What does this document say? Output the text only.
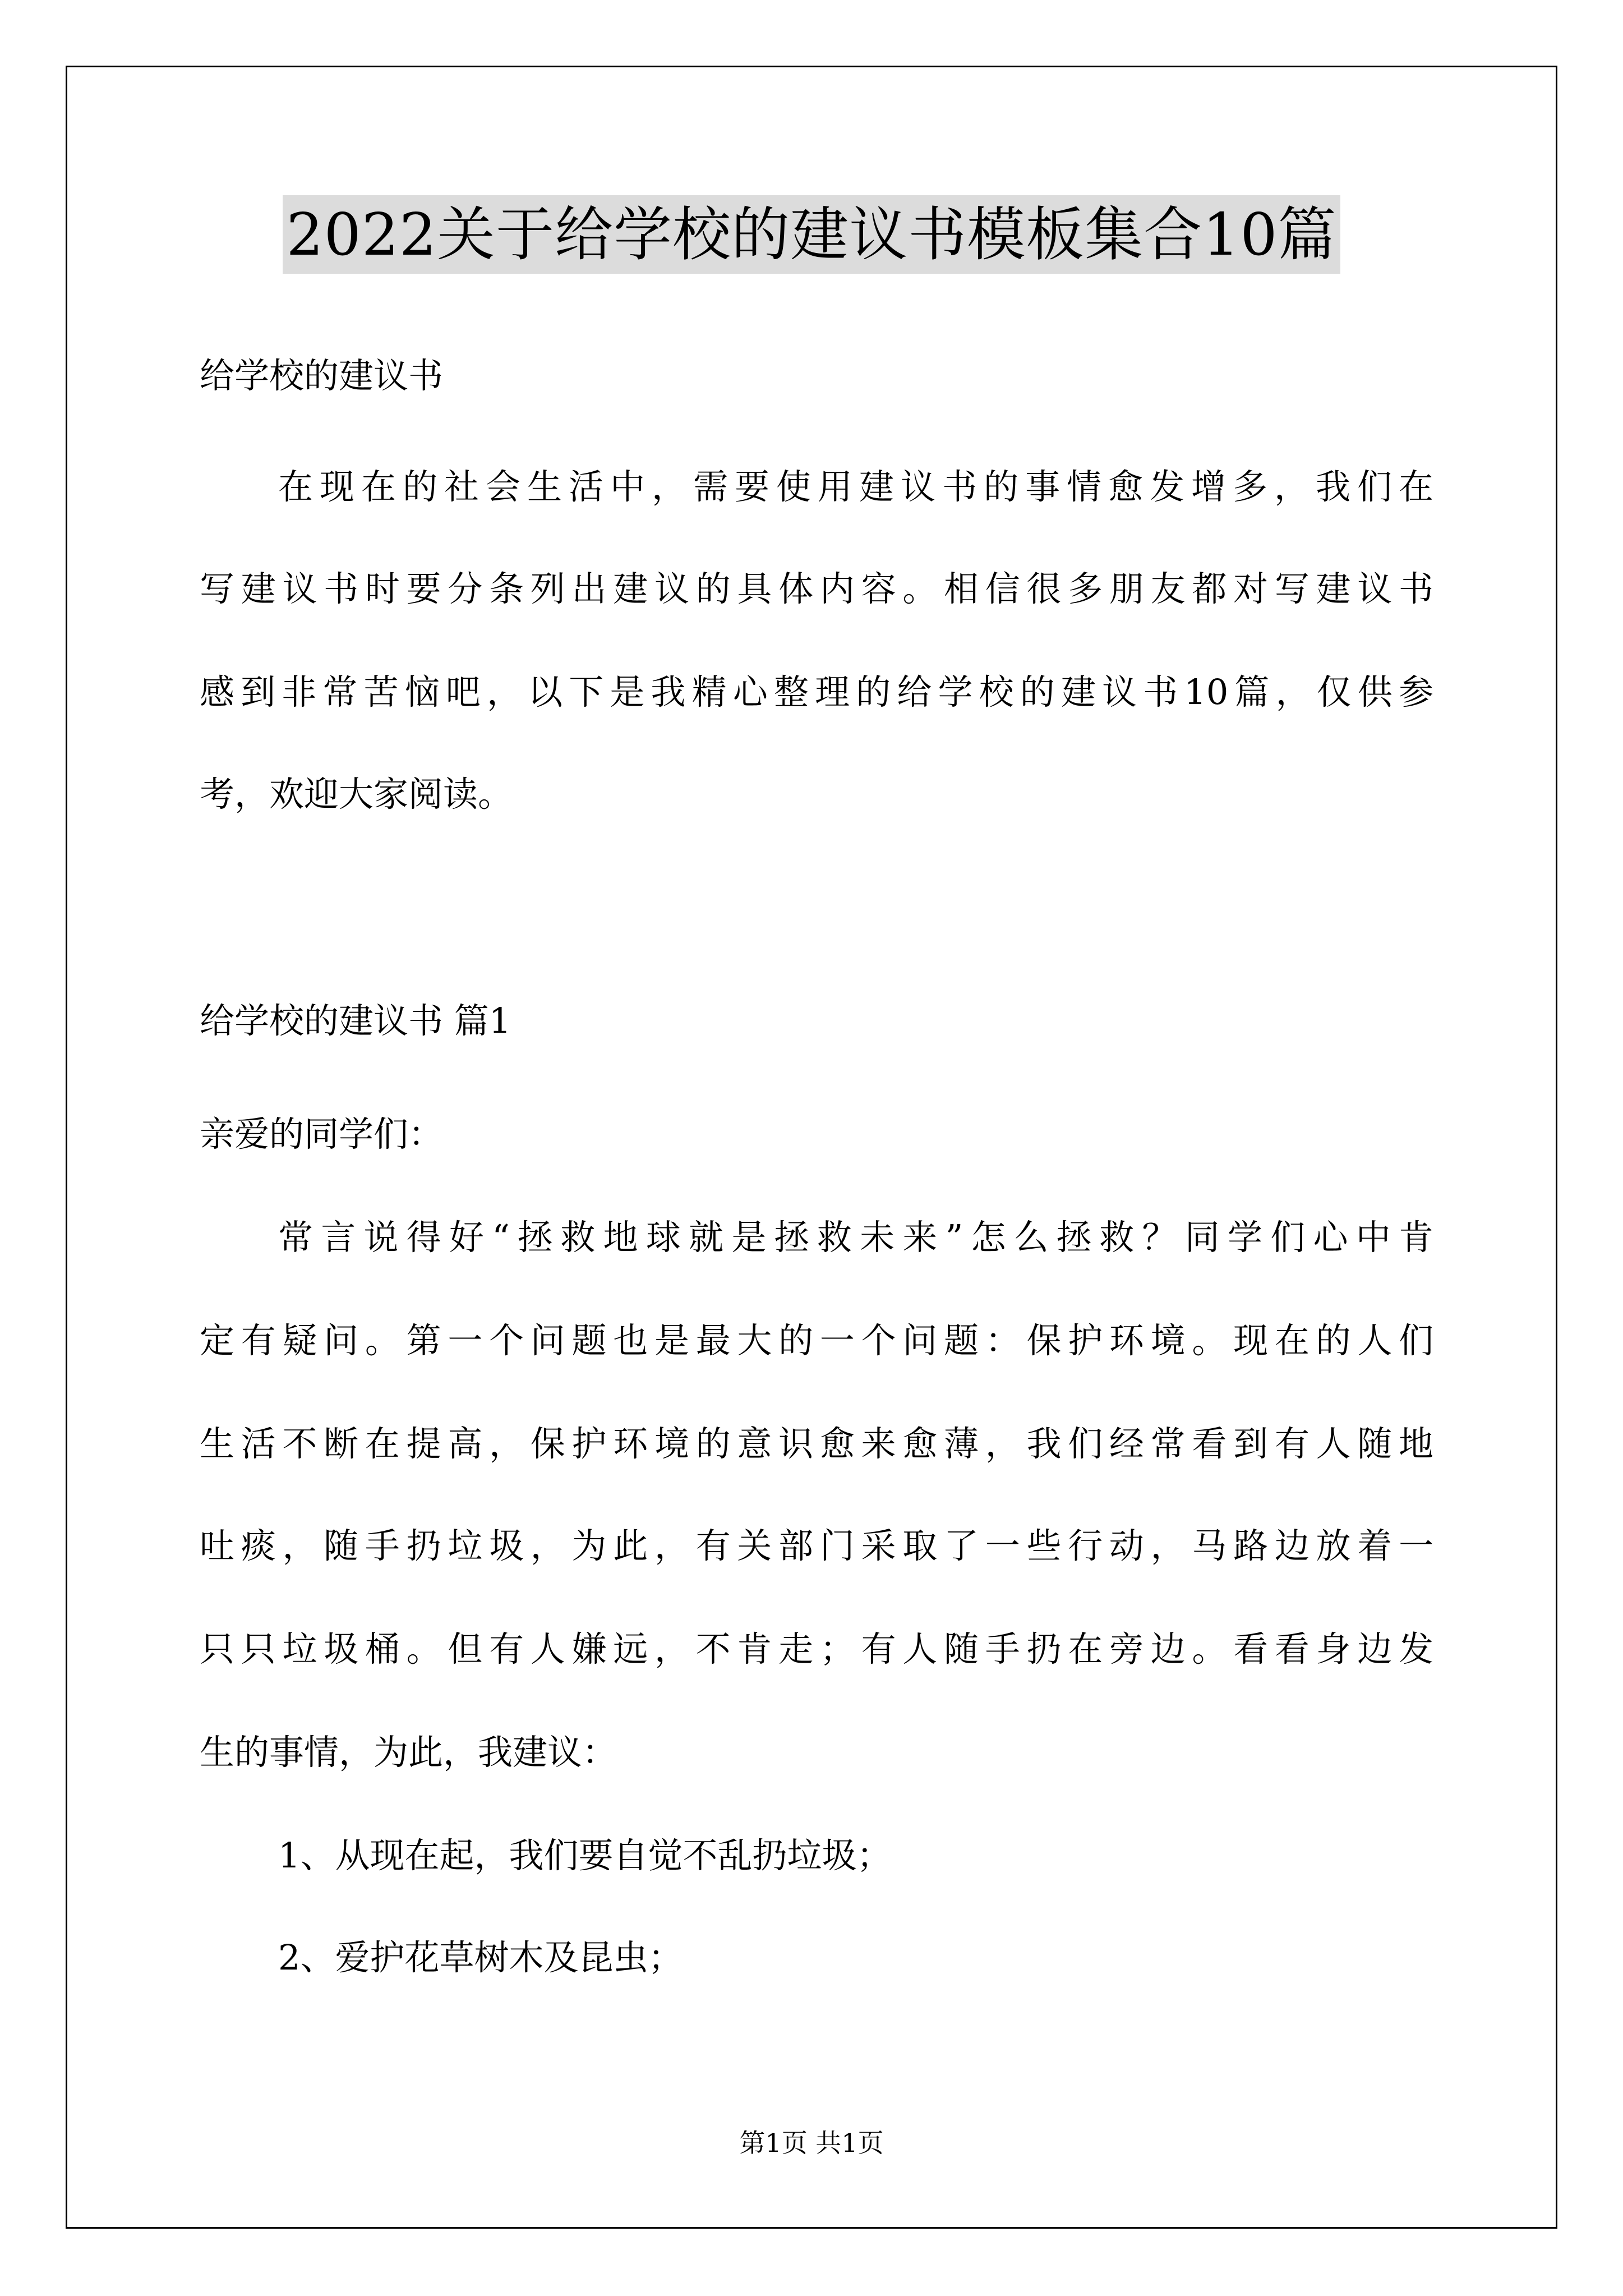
2022关于给学校的建议书模板集合10篇
给学校的建议书
在现在的社会生活中，需要使用建议书的事情愈发增多，我们在
写建议书时要分条列出建议的具体内容。相信很多朋友都对写建议书
感到非常苦恼吧，以下是我精心整理的给学校的建议书10篇，仅供参
考，欢迎大家阅读。
给学校的建议书 篇1
亲爱的同学们：
常言说得好“拯救地球就是拯救未来”怎么拯救？同学们心中肯
定有疑问。第一个问题也是最大的一个问题：保护环境。现在的人们
生活不断在提高，保护环境的意识愈来愈薄，我们经常看到有人随地
吐痰，随手扔垃圾，为此，有关部门采取了一些行动，马路边放着一
只只垃圾桶。但有人嫌远，不肯走；有人随手扔在旁边。看看身边发
生的事情，为此，我建议：
1、从现在起，我们要自觉不乱扔垃圾；
2、爱护花草树木及昆虫；
第1页 共1页
